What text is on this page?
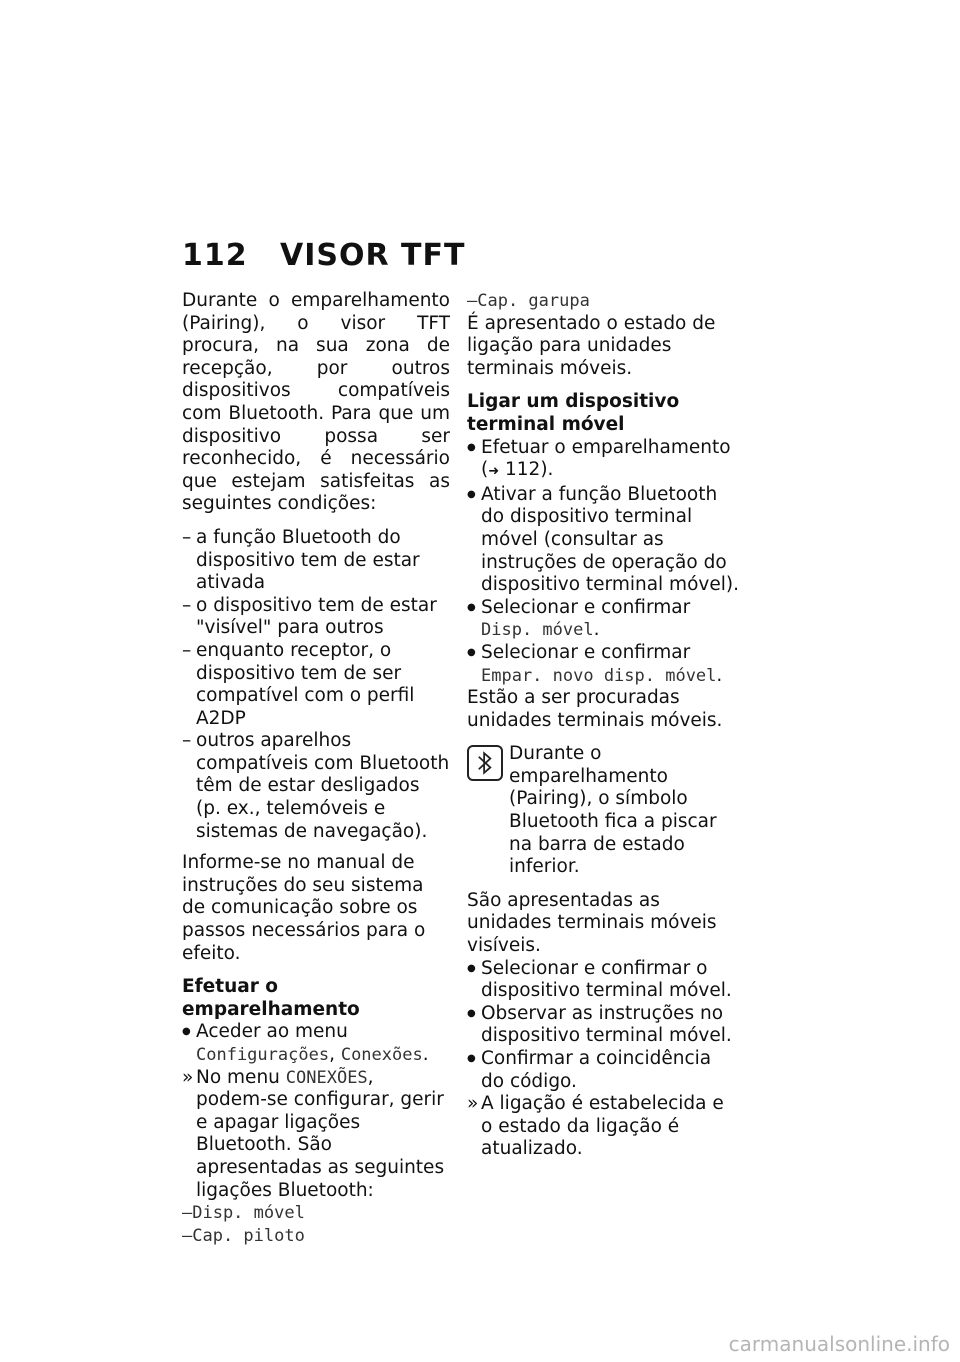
112 VISOR TFT

Durante o emparelhamento (Pairing), o visor TFT procura, na sua zona de recepção, por outros dispositivos compatíveis com Bluetooth. Para que um dispositivo possa ser reconhecido, é necessário que estejam satisfeitas as seguintes condições:

– a função Bluetooth do dispositivo tem de estar ativada
– o dispositivo tem de estar "visível" para outros
– enquanto receptor, o dispositivo tem de ser compatível com o perfil A2DP
– outros aparelhos compatíveis com Bluetooth têm de estar desligados (p. ex., telemóveis e sistemas de navegação).

Informe-se no manual de instruções do seu sistema de comunicação sobre os passos necessários para o efeito.

Efetuar o emparelhamento
● Aceder ao menu Configurações, Conexões.
» No menu CONEXÕES, podem-se configurar, gerir e apagar ligações Bluetooth. São apresentadas as seguintes ligações Bluetooth:
–Disp. móvel
–Cap. piloto
–Cap. garupa

É apresentado o estado de ligação para unidades terminais móveis.

Ligar um dispositivo terminal móvel
● Efetuar o emparelhamento (➜ 112).
● Ativar a função Bluetooth do dispositivo terminal móvel (consultar as instruções de operação do dispositivo terminal móvel).
● Selecionar e confirmar Disp. móvel.
● Selecionar e confirmar Empar. novo disp. móvel.

Estão a ser procuradas unidades terminais móveis.

Durante o emparelhamento (Pairing), o símbolo Bluetooth fica a piscar na barra de estado inferior.

São apresentadas as unidades terminais móveis visíveis.

● Selecionar e confirmar o dispositivo terminal móvel.
● Observar as instruções no dispositivo terminal móvel.
● Confirmar a coincidência do código.
» A ligação é estabelecida e o estado da ligação é atualizado.
carmanualsonline.info
